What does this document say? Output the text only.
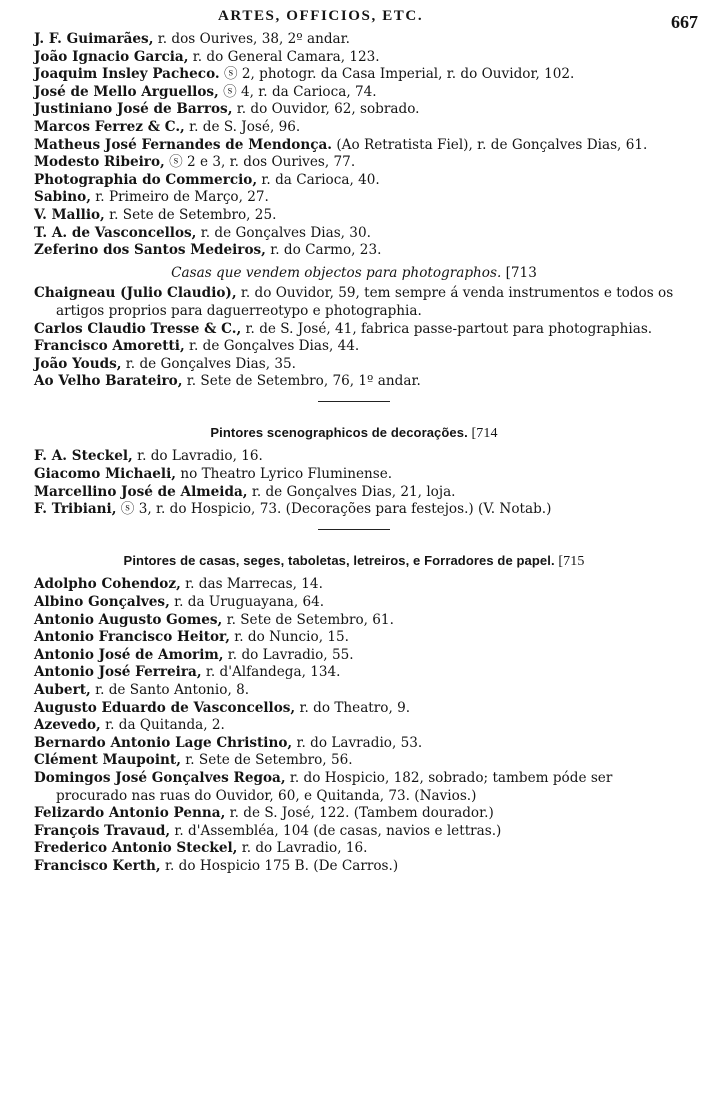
ARTES, OFFICIOS, ETC.	667
J. F. Guimarães, r. dos Ourives, 38, 2º andar.
João Ignacio Garcia, r. do General Camara, 123.
Joaquim Insley Pacheco. ⓢ 2, photogr. da Casa Imperial, r. do Ouvidor, 102.
José de Mello Arguellos, ⓢ 4, r. da Carioca, 74.
Justiniano José de Barros, r. do Ouvidor, 62, sobrado.
Marcos Ferrez & C., r. de S. José, 96.
Matheus José Fernandes de Mendonça. (Ao Retratista Fiel), r. de Gonçalves Dias, 61.
Modesto Ribeiro, ⓢ 2 e 3, r. dos Ourives, 77.
Photographia do Commercio, r. da Carioca, 40.
Sabino, r. Primeiro de Março, 27.
V. Mallio, r. Sete de Setembro, 25.
T. A. de Vasconcellos, r. de Gonçalves Dias, 30.
Zeferino dos Santos Medeiros, r. do Carmo, 23.
Casas que vendem objectos para photographos. [713
Chaigneau (Julio Claudio), r. do Ouvidor, 59, tem sempre á venda instrumentos e todos os artigos proprios para daguerreotypo e photographia.
Carlos Claudio Tresse & C., r. de S. José, 41, fabrica passe-partout para photographias.
Francisco Amoretti, r. de Gonçalves Dias, 44.
João Youds, r. de Gonçalves Dias, 35.
Ao Velho Barateiro, r. Sete de Setembro, 76, 1º andar.
Pintores scenographicos de decorações. [714
F. A. Steckel, r. do Lavradio, 16.
Giacomo Michaeli, no Theatro Lyrico Fluminense.
Marcellino José de Almeida, r. de Gonçalves Dias, 21, loja.
F. Tribiani, ⓢ 3, r. do Hospicio, 73. (Decorações para festejos.) (V. Notab.)
Pintores de casas, seges, taboletas, letreiros, e Forradores de papel. [715
Adolpho Cohendoz, r. das Marrecas, 14.
Albino Gonçalves, r. da Uruguayana, 64.
Antonio Augusto Gomes, r. Sete de Setembro, 61.
Antonio Francisco Heitor, r. do Nuncio, 15.
Antonio José de Amorim, r. do Lavradio, 55.
Antonio José Ferreira, r. d'Alfandega, 134.
Aubert, r. de Santo Antonio, 8.
Augusto Eduardo de Vasconcellos, r. do Theatro, 9.
Azevedo, r. da Quitanda, 2.
Bernardo Antonio Lage Christino, r. do Lavradio, 53.
Clément Maupoint, r. Sete de Setembro, 56.
Domingos José Gonçalves Regoa, r. do Hospicio, 182, sobrado; tambem póde ser procurado nas ruas do Ouvidor, 60, e Quitanda, 73. (Navios.)
Felizardo Antonio Penna, r. de S. José, 122. (Tambem dourador.)
François Travaud, r. d'Assembléa, 104 (de casas, navios e lettras.)
Frederico Antonio Steckel, r. do Lavradio, 16.
Francisco Kerth, r. do Hospicio 175 B. (De Carros.)
